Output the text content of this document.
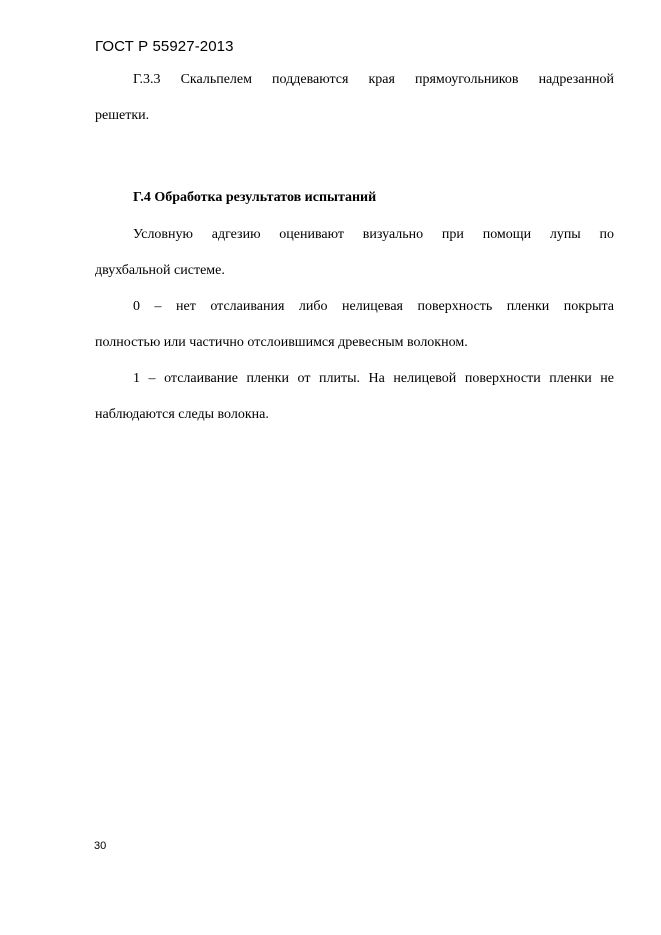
ГОСТ Р 55927-2013
Г.3.3 Скальпелем поддеваются края прямоугольников надрезанной
решетки.
Г.4 Обработка результатов испытаний
Условную адгезию оценивают визуально при помощи лупы по
двухбальной системе.
0 – нет отслаивания либо нелицевая поверхность пленки покрыта
полностью или частично отслоившимся древесным волокном.
1 – отслаивание пленки от плиты. На нелицевой поверхности пленки не
наблюдаются следы волокна.
30
